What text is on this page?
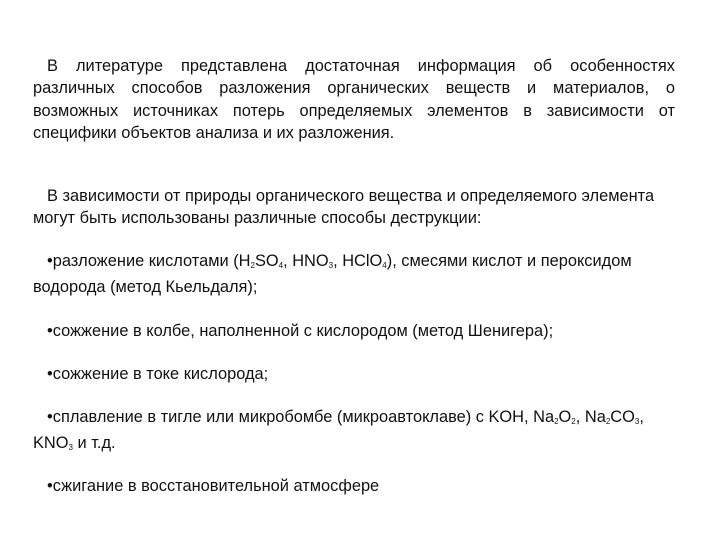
В литературе представлена достаточная информация об особенностях различных способов разложения органических веществ и материалов, о возможных источниках потерь определяемых элементов в зависимости от специфики объектов анализа и их разложения.

В зависимости от природы органического вещества и определяемого элемента могут быть использованы различные способы деструкции:

•разложение кислотами ($H_2SO_4$, $HNO_3$, HClO$_4$), смесями кислот и пероксидом водорода (метод Кьельдаля);

•сожжение в колбе, наполненной с кислородом (метод Шенигера);

•сожжение в токе кислорода;

•сплавление в тигле или микробомбе (микроавтоклаве) с KOH, $Na_2O_2$, $Na_2CO_3$, $KNO_3$ и т.д.

•сжигание в восстановительной атмосфере
